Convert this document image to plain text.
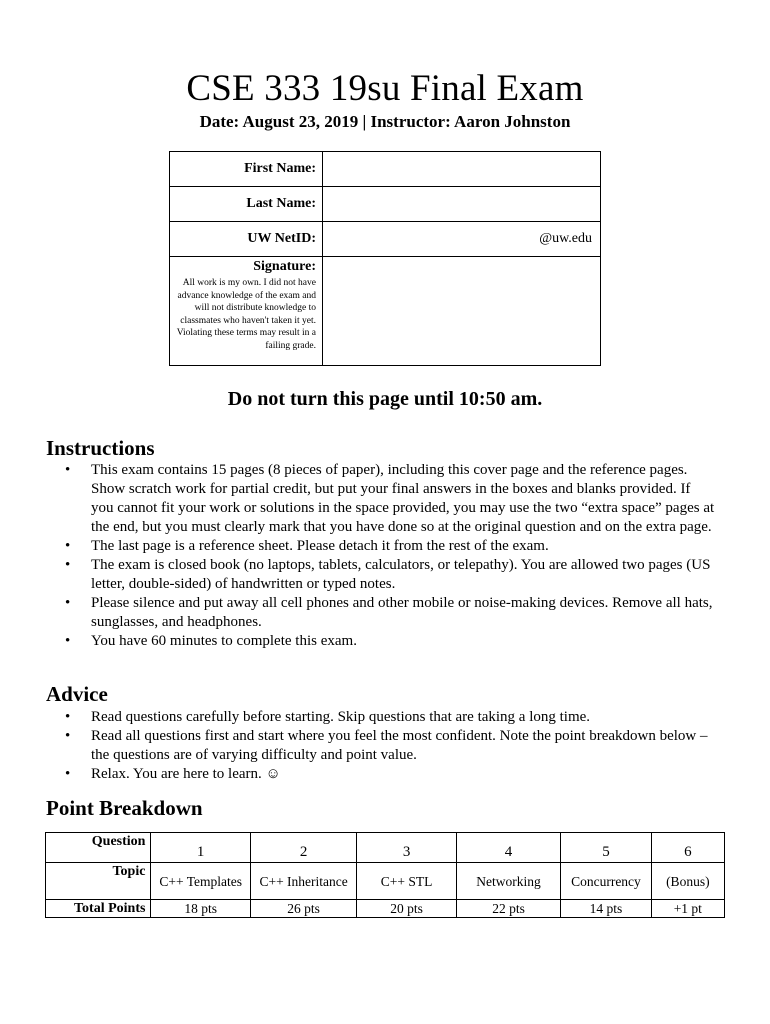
CSE 333 19su Final Exam
Date: August 23, 2019 | Instructor: Aaron Johnston
First Name:	
Last Name:	
UW NetID:	@uw.edu

Signature:
All work is my own. I did not have advance knowledge of the exam and will not distribute knowledge to classmates who haven't taken it yet. Violating these terms may result in a failing grade.	

Do not turn this page until 10:50 am.
Instructions
• This exam contains 15 pages (8 pieces of paper), including this cover page and the reference pages. Show scratch work for partial credit, but put your final answers in the boxes and blanks provided. If you cannot fit your work or solutions in the space provided, you may use the two “extra space” pages at the end, but you must clearly mark that you have done so at the original question and on the extra page.
• The last page is a reference sheet. Please detach it from the rest of the exam.
• The exam is closed book (no laptops, tablets, calculators, or telepathy). You are allowed two pages (US letter, double-sided) of handwritten or typed notes.
• Please silence and put away all cell phones and other mobile or noise-making devices. Remove all hats, sunglasses, and headphones.
• You have 60 minutes to complete this exam.
Advice
• Read questions carefully before starting. Skip questions that are taking a long time.
• Read all questions first and start where you feel the most confident. Note the point breakdown below – the questions are of varying difficulty and point value.
• Relax. You are here to learn. ☺
Point Breakdown
Question	1	2	3	4	5	6
Topic	C++ Templates	C++ Inheritance	C++ STL	Networking	Concurrency	(Bonus)
Total Points	18 pts	26 pts	20 pts	22 pts	14 pts	+1 pt
